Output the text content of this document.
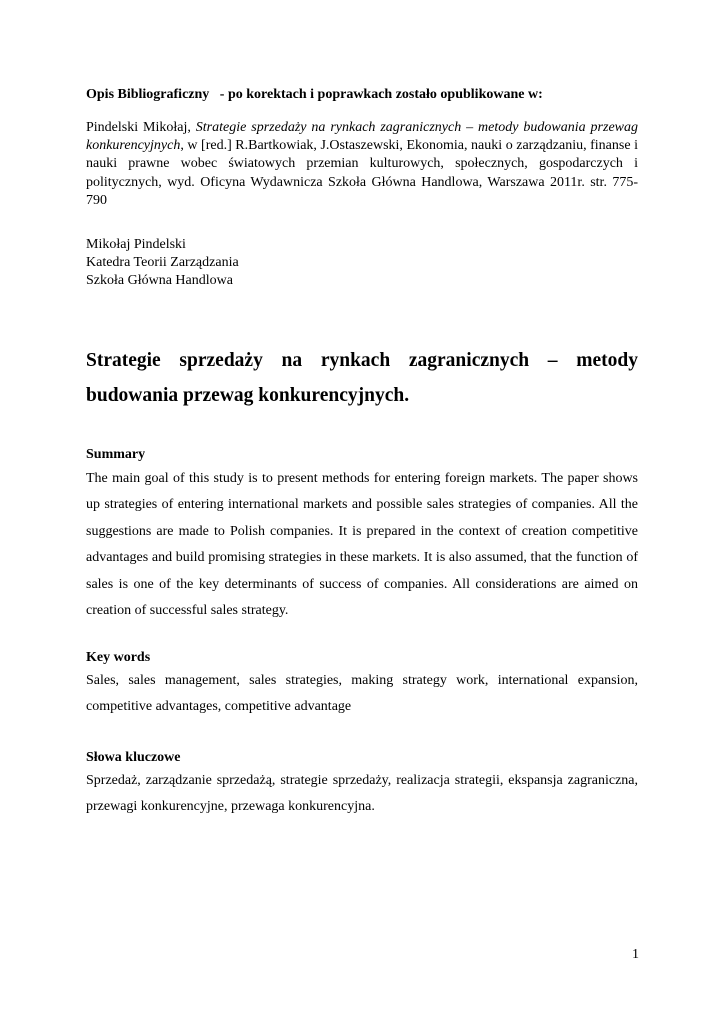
Opis Bibliograficzny   - po korektach i poprawkach zostało opublikowane w:
Pindelski Mikołaj, Strategie sprzedaży na rynkach zagranicznych – metody budowania przewag konkurencyjnych, w [red.] R.Bartkowiak, J.Ostaszewski, Ekonomia, nauki o zarządzaniu, finanse i nauki prawne wobec światowych przemian kulturowych, społecznych, gospodarczych i politycznych, wyd. Oficyna Wydawnicza Szkoła Główna Handlowa, Warszawa 2011r. str. 775-790
Mikołaj Pindelski
Katedra Teorii Zarządzania
Szkoła Główna Handlowa
Strategie sprzedaży na rynkach zagranicznych – metody budowania przewag konkurencyjnych.
Summary
The main goal of this study is to present methods for entering foreign markets. The paper shows up strategies of entering international markets and possible sales strategies of companies. All the suggestions are made to Polish companies. It is prepared in the context of creation competitive advantages and build promising strategies in these markets. It is also assumed, that the function of sales is one of the key determinants of success of companies. All considerations are aimed on creation of successful sales strategy.
Key words
Sales, sales management, sales strategies, making strategy work, international expansion, competitive advantages, competitive advantage
Słowa kluczowe
Sprzedaż, zarządzanie sprzedażą, strategie sprzedaży, realizacja strategii, ekspansja zagraniczna, przewagi konkurencyjne, przewaga konkurencyjna.
1
